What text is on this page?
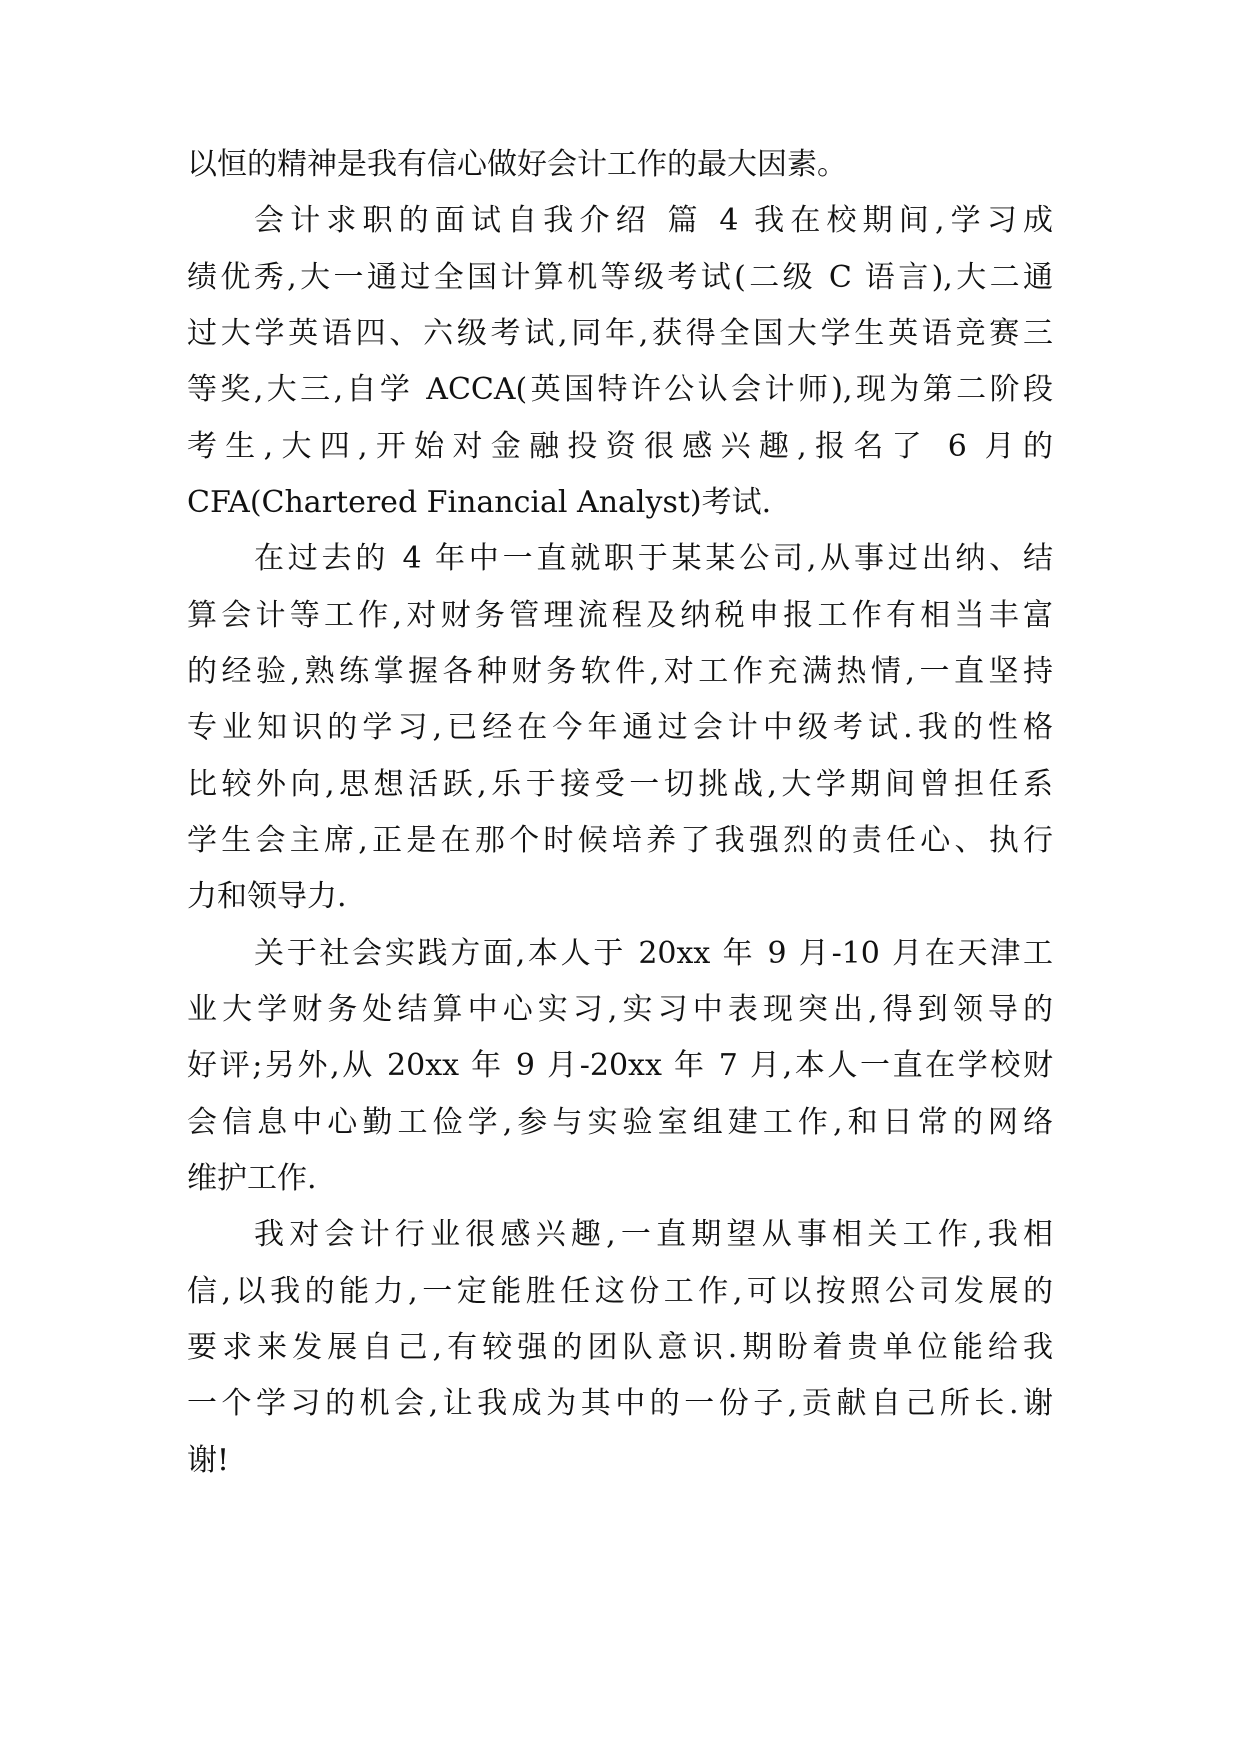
以恒的精神是我有信心做好会计工作的最大因素。
会计求职的面试自我介绍 篇 4 我在校期间,学习成
绩优秀,大一通过全国计算机等级考试(二级 C 语言),大二通
过大学英语四、六级考试,同年,获得全国大学生英语竞赛三
等奖,大三,自学 ACCA(英国特许公认会计师),现为第二阶段
考生,大四,开始对金融投资很感兴趣,报名了 6 月的
CFA(Chartered Financial Analyst)考试.
在过去的 4 年中一直就职于某某公司,从事过出纳、结
算会计等工作,对财务管理流程及纳税申报工作有相当丰富
的经验,熟练掌握各种财务软件,对工作充满热情,一直坚持
专业知识的学习,已经在今年通过会计中级考试.我的性格
比较外向,思想活跃,乐于接受一切挑战,大学期间曾担任系
学生会主席,正是在那个时候培养了我强烈的责任心、执行
力和领导力.
关于社会实践方面,本人于 20xx 年 9 月-10 月在天津工
业大学财务处结算中心实习,实习中表现突出,得到领导的
好评;另外,从 20xx 年 9 月-20xx 年 7 月,本人一直在学校财
会信息中心勤工俭学,参与实验室组建工作,和日常的网络
维护工作.
我对会计行业很感兴趣,一直期望从事相关工作,我相
信,以我的能力,一定能胜任这份工作,可以按照公司发展的
要求来发展自己,有较强的团队意识.期盼着贵单位能给我
一个学习的机会,让我成为其中的一份子,贡献自己所长.谢
谢!
